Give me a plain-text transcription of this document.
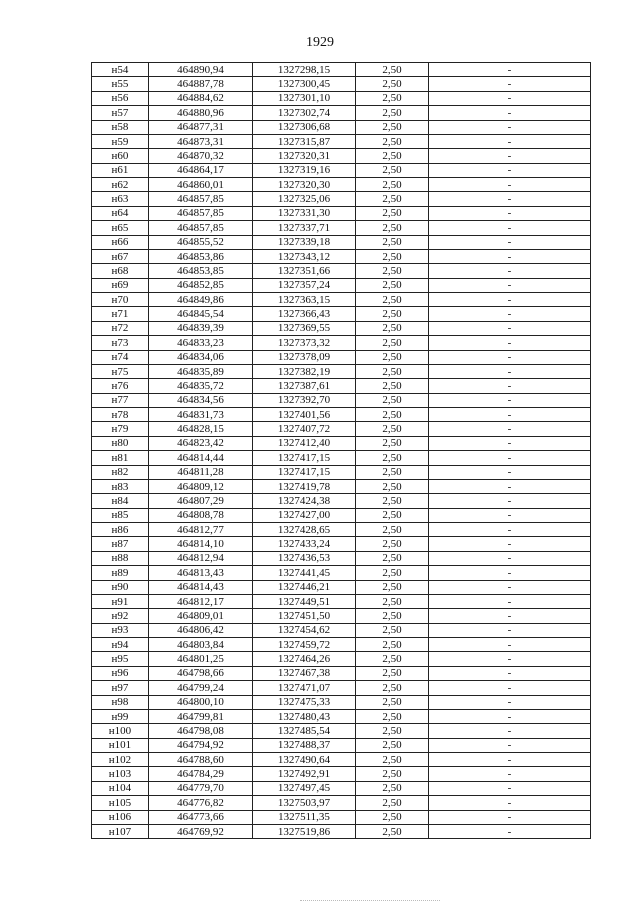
1929
н54	464890,94	1327298,15	2,50	-
н55	464887,78	1327300,45	2,50	-
н56	464884,62	1327301,10	2,50	-
н57	464880,96	1327302,74	2,50	-
н58	464877,31	1327306,68	2,50	-
н59	464873,31	1327315,87	2,50	-
н60	464870,32	1327320,31	2,50	-
н61	464864,17	1327319,16	2,50	-
н62	464860,01	1327320,30	2,50	-
н63	464857,85	1327325,06	2,50	-
н64	464857,85	1327331,30	2,50	-
н65	464857,85	1327337,71	2,50	-
н66	464855,52	1327339,18	2,50	-
н67	464853,86	1327343,12	2,50	-
н68	464853,85	1327351,66	2,50	-
н69	464852,85	1327357,24	2,50	-
н70	464849,86	1327363,15	2,50	-
н71	464845,54	1327366,43	2,50	-
н72	464839,39	1327369,55	2,50	-
н73	464833,23	1327373,32	2,50	-
н74	464834,06	1327378,09	2,50	-
н75	464835,89	1327382,19	2,50	-
н76	464835,72	1327387,61	2,50	-
н77	464834,56	1327392,70	2,50	-
н78	464831,73	1327401,56	2,50	-
н79	464828,15	1327407,72	2,50	-
н80	464823,42	1327412,40	2,50	-
н81	464814,44	1327417,15	2,50	-
н82	464811,28	1327417,15	2,50	-
н83	464809,12	1327419,78	2,50	-
н84	464807,29	1327424,38	2,50	-
н85	464808,78	1327427,00	2,50	-
н86	464812,77	1327428,65	2,50	-
н87	464814,10	1327433,24	2,50	-
н88	464812,94	1327436,53	2,50	-
н89	464813,43	1327441,45	2,50	-
н90	464814,43	1327446,21	2,50	-
н91	464812,17	1327449,51	2,50	-
н92	464809,01	1327451,50	2,50	-
н93	464806,42	1327454,62	2,50	-
н94	464803,84	1327459,72	2,50	-
н95	464801,25	1327464,26	2,50	-
н96	464798,66	1327467,38	2,50	-
н97	464799,24	1327471,07	2,50	-
н98	464800,10	1327475,33	2,50	-
н99	464799,81	1327480,43	2,50	-
н100	464798,08	1327485,54	2,50	-
н101	464794,92	1327488,37	2,50	-
н102	464788,60	1327490,64	2,50	-
н103	464784,29	1327492,91	2,50	-
н104	464779,70	1327497,45	2,50	-
н105	464776,82	1327503,97	2,50	-
н106	464773,66	1327511,35	2,50	-
н107	464769,92	1327519,86	2,50	-
